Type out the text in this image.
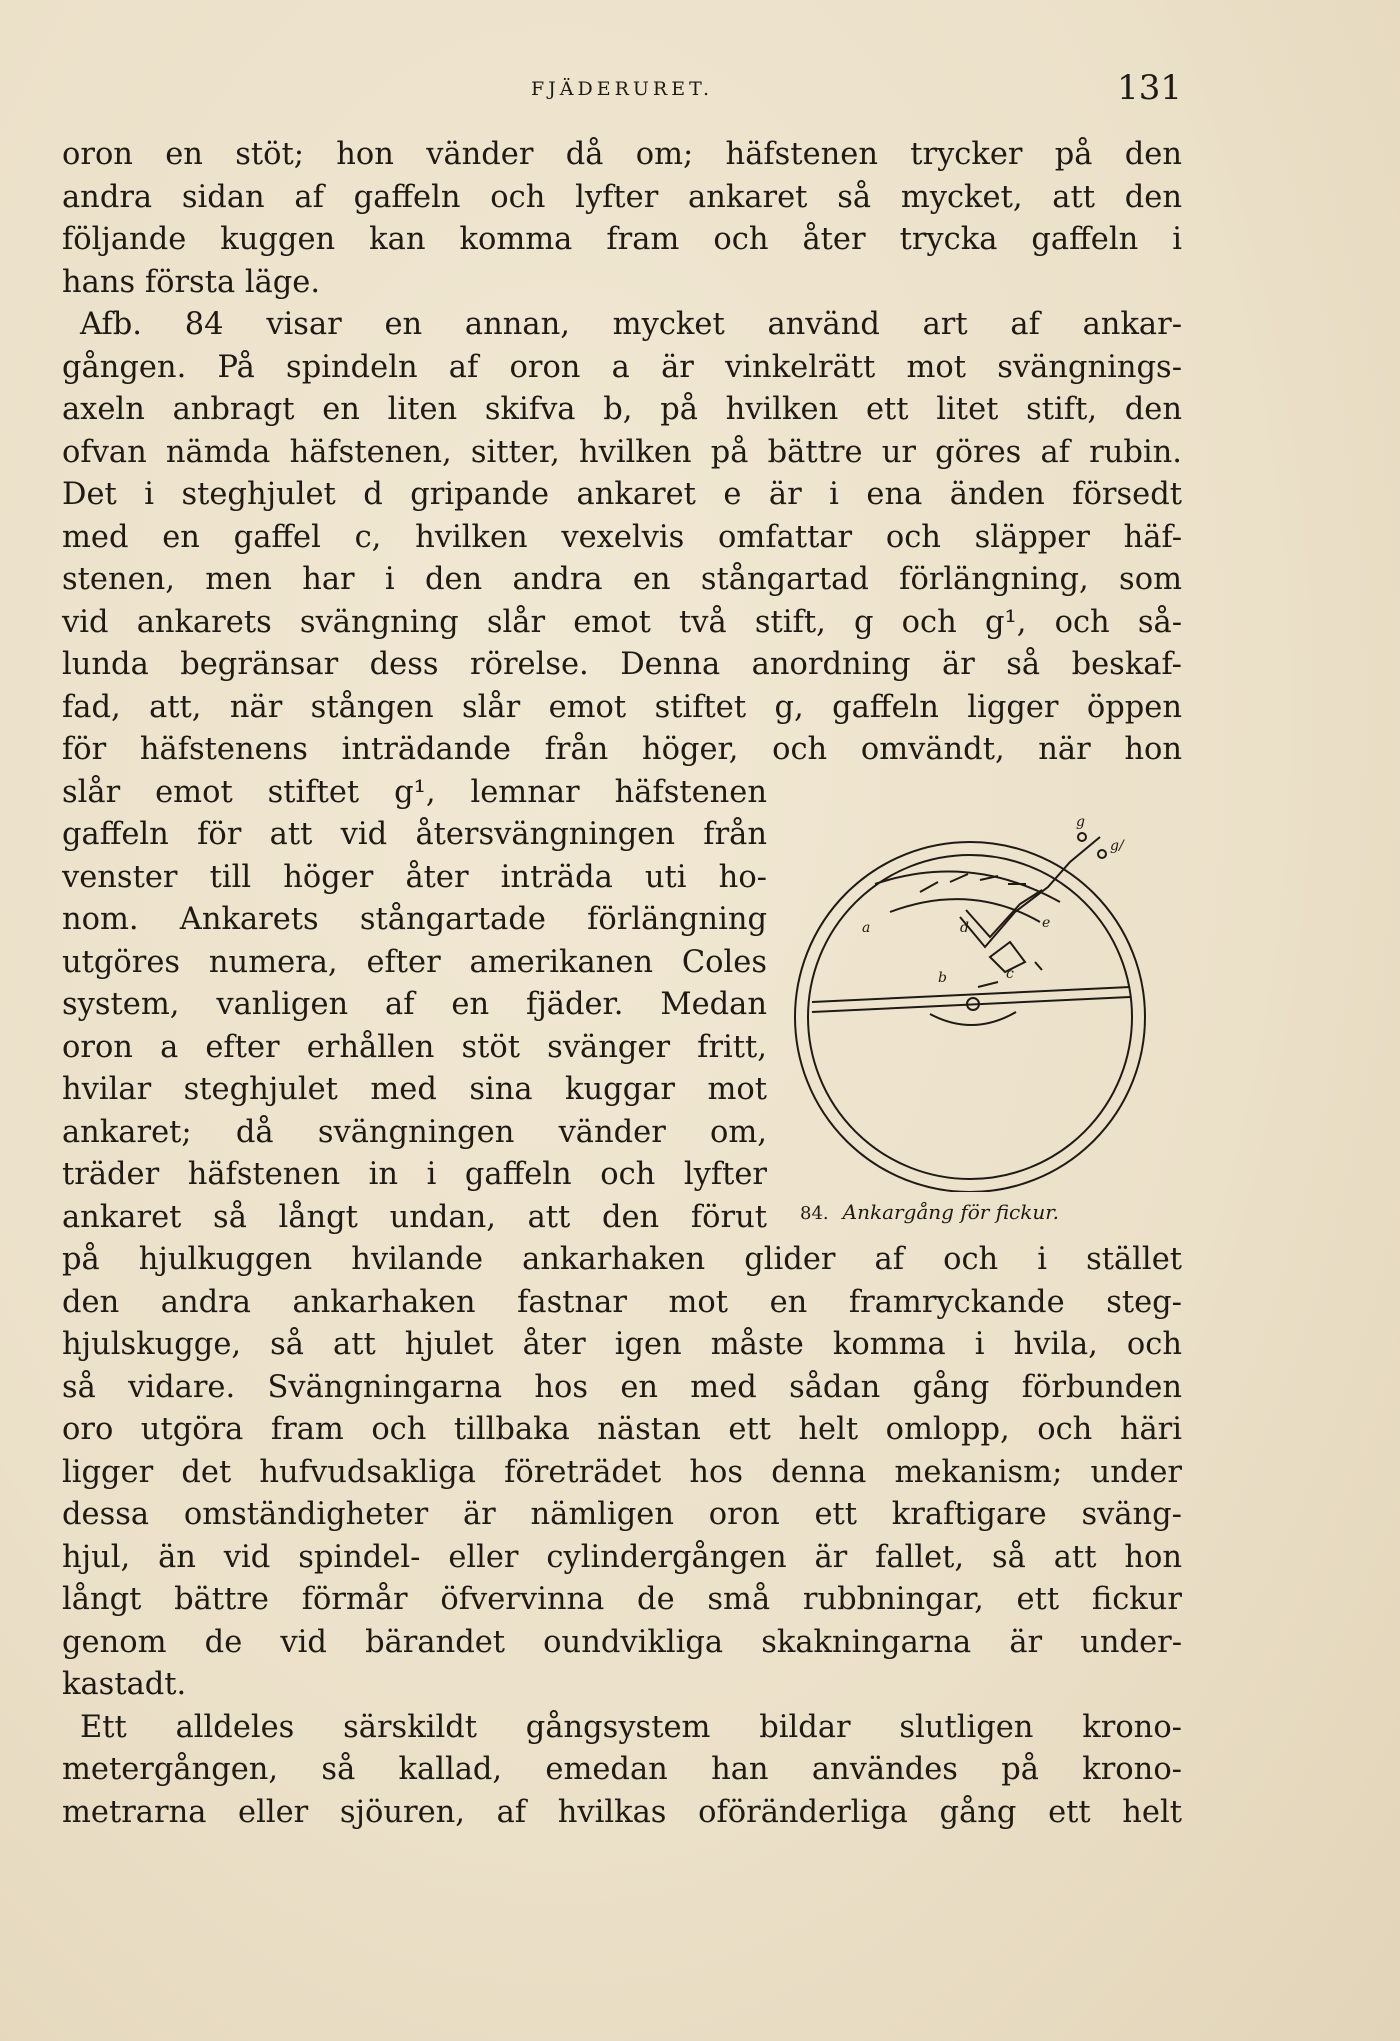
FJÄDERURET.	131
oron en stöt; hon vänder då om; häfstenen trycker på den
andra sidan af gaffeln och lyfter ankaret så mycket, att den
följande kuggen kan komma fram och åter trycka gaffeln i
hans första läge.
Afb. 84 visar en annan, mycket använd art af ankar-
gången. På spindeln af oron a är vinkelrätt mot svängnings-
axeln anbragt en liten skifva b, på hvilken ett litet stift, den
ofvan nämda häfstenen, sitter, hvilken på bättre ur göres af rubin.
Det i steghjulet d gripande ankaret e är i ena änden försedt
med en gaffel c, hvilken vexelvis omfattar och släpper häf-
stenen, men har i den andra en stångartad förlängning, som
vid ankarets svängning slår emot två stift, g och g¹, och så-
lunda begränsar dess rörelse. Denna anordning är så beskaf-
fad, att, när stången slår emot stiftet g, gaffeln ligger öppen
för häfstenens inträdande från höger, och omvändt, när hon
slår emot stiftet g¹, lemnar häfstenen
gaffeln för att vid återsvängningen från
venster till höger åter inträda uti ho-
nom. Ankarets stångartade förlängning
utgöres numera, efter amerikanen Coles
system, vanligen af en fjäder. Medan
oron a efter erhållen stöt svänger fritt,
hvilar steghjulet med sina kuggar mot
ankaret; då svängningen vänder om,
träder häfstenen in i gaffeln och lyfter
ankaret så långt undan, att den förut
på hjulkuggen hvilande ankarhaken glider af och i stället
den andra ankarhaken fastnar mot en framryckande steg-
hjulskugge, så att hjulet åter igen måste komma i hvila, och
så vidare. Svängningarna hos en med sådan gång förbunden
oro utgöra fram och tillbaka nästan ett helt omlopp, och häri
ligger det hufvudsakliga företrädet hos denna mekanism; under
dessa omständigheter är nämligen oron ett kraftigare sväng-
hjul, än vid spindel- eller cylindergången är fallet, så att hon
långt bättre förmår öfvervinna de små rubbningar, ett fickur
genom de vid bärandet oundvikliga skakningarna är under-
kastadt.
Ett alldeles särskildt gångsystem bildar slutligen krono-
metergången, så kallad, emedan han användes på krono-
metrarna eller sjöuren, af hvilkas oföränderliga gång ett helt
a
b	c
d	e
g
g/
84. Ankargång för fickur.
